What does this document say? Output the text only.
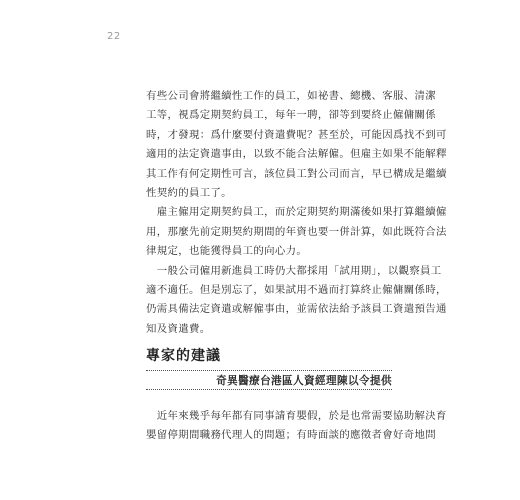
22
有些公司會將繼續性工作的員工，如祕書、總機、客服、清潔
工等，視爲定期契約員工，每年一聘，卻等到要終止僱傭關係
時，才發現：爲什麼要付資遣費呢？甚至於，可能因爲找不到可
適用的法定資遣事由，以致不能合法解僱。但雇主如果不能解釋
其工作有何定期性可言，該位員工對公司而言，早已構成是繼續
性契約的員工了。
　雇主僱用定期契約員工，而於定期契約期滿後如果打算繼續僱
用，那麼先前定期契約期間的年資也要一併計算，如此既符合法
律規定，也能獲得員工的向心力。
　一般公司僱用新進員工時仍大都採用「試用期」，以觀察員工
適不適任。但是別忘了，如果試用不過而打算終止僱傭關係時，
仍需具備法定資遣或解僱事由，並需依法給予該員工資遣預告通
知及資遣費。
專家的建議
奇異醫療台港區人資經理陳以令提供
　近年來幾乎每年都有同事請育嬰假，於是也常需要協助解決育
嬰留停期間職務代理人的問題；有時面談的應徵者會好奇地問
